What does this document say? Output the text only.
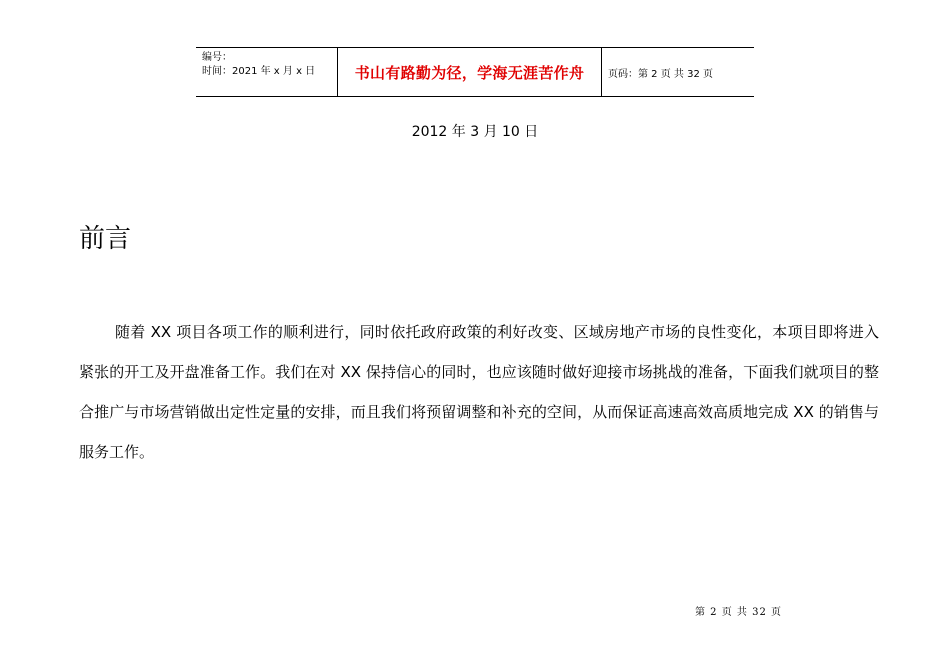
编号：
时间：2021 年 x 月 x 日	书山有路勤为径，学海无涯苦作舟 页码：第 2 页 共 32 页
2012 年 3 月 10 日
前言

随着 XX 项目各项工作的顺利进行，同时依托政府政策的利好改变、区域房地产市场的良性变化，本项目即将进入紧张的开工及开盘准备工作。我们在对 XX 保持信心的同时，也应该随时做好迎接市场挑战的准备，下面我们就项目的整合推广与市场营销做出定性定量的安排，而且我们将预留调整和补充的空间，从而保证高速高效高质地完成 XX 的销售与服务工作。

第 2 页 共 32 页
